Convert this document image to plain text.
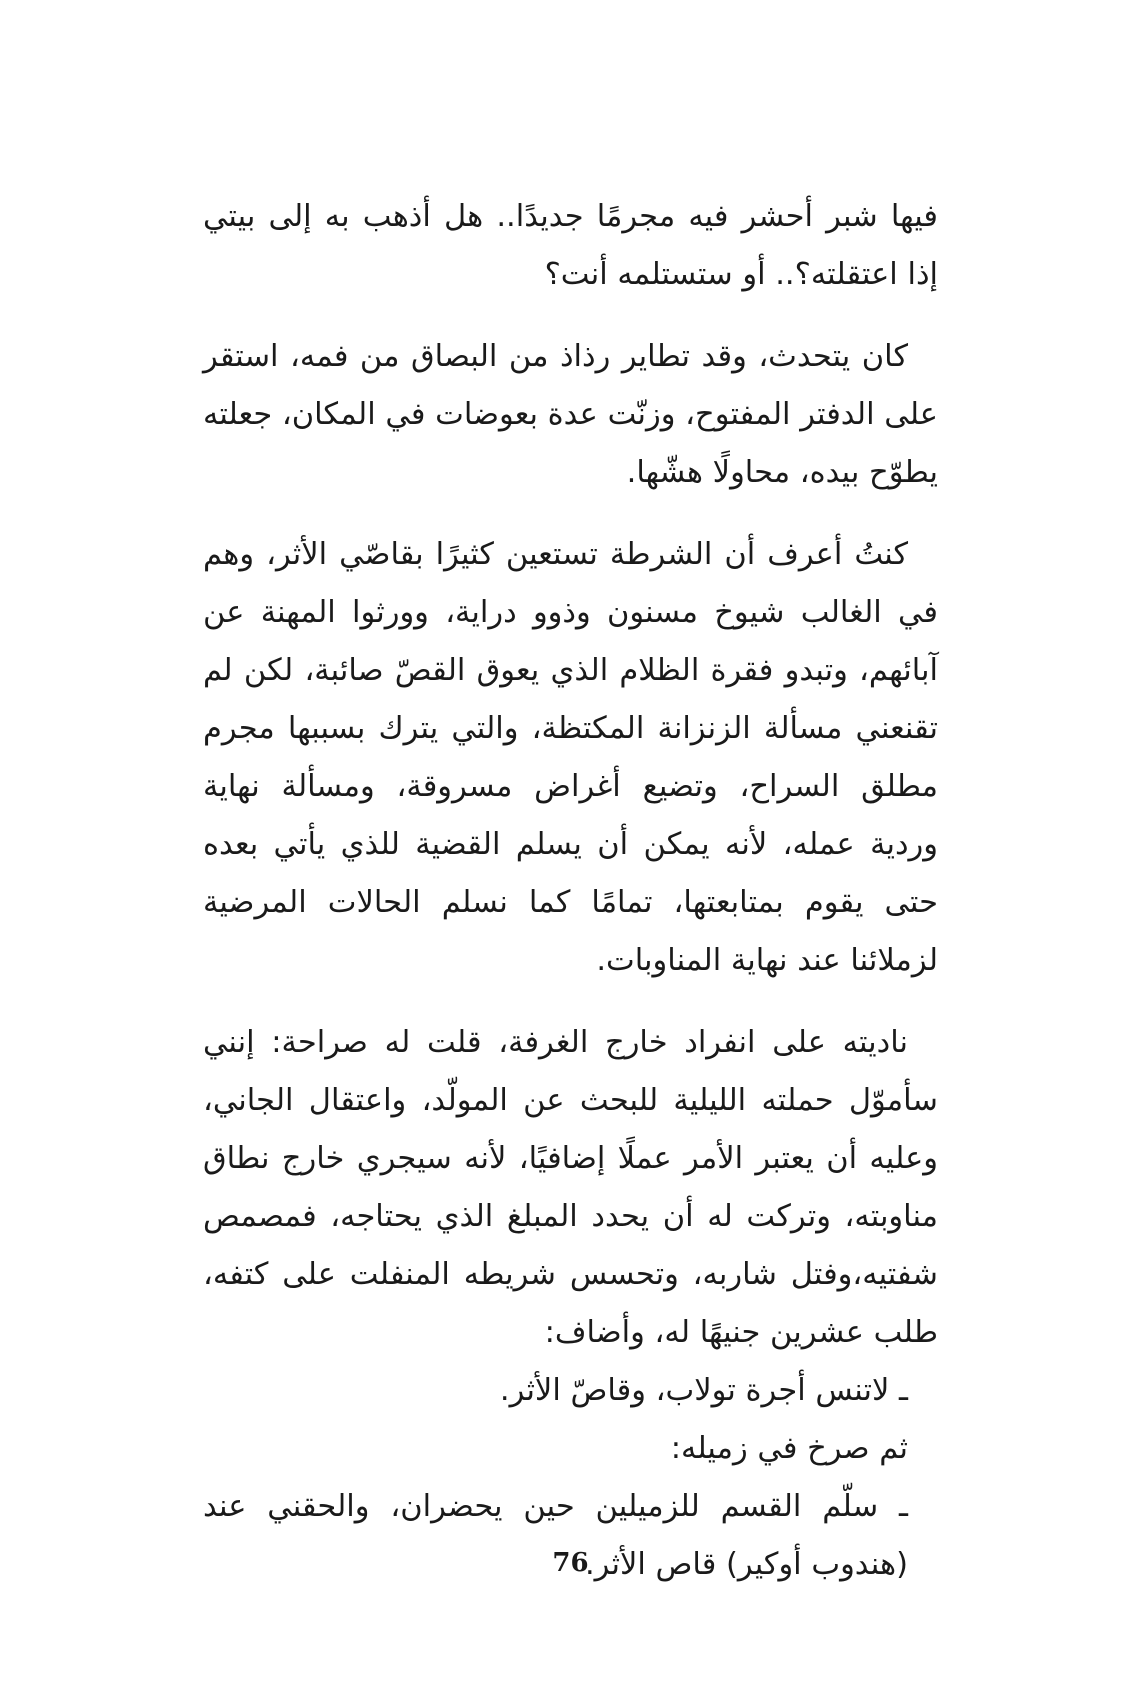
فيها شبر أحشر فيه مجرمًا جديدًا.. هل أذهب به إلى بيتي إذا اعتقلته؟.. أو ستستلمه أنت؟

كان يتحدث، وقد تطاير رذاذ من البصاق من فمه، استقر على الدفتر المفتوح، وزنّت عدة بعوضات في المكان، جعلته يطوّح بيده، محاولًا هشّها.

كنتُ أعرف أن الشرطة تستعين كثيرًا بقاصّي الأثر، وهم في الغالب شيوخ مسنون وذوو دراية، وورثوا المهنة عن آبائهم، وتبدو فقرة الظلام الذي يعوق القصّ صائبة، لكن لم تقنعني مسألة الزنزانة المكتظة، والتي يترك بسببها مجرم مطلق السراح، وتضيع أغراض مسروقة، ومسألة نهاية وردية عمله، لأنه يمكن أن يسلم القضية للذي يأتي بعده حتى يقوم بمتابعتها، تمامًا كما نسلم الحالات المرضية لزملائنا عند نهاية المناوبات.

ناديته على انفراد خارج الغرفة، قلت له صراحة: إنني سأموّل حملته الليلية للبحث عن المولّد، واعتقال الجاني، وعليه أن يعتبر الأمر عملًا إضافيًا، لأنه سيجري خارج نطاق مناوبته، وتركت له أن يحدد المبلغ الذي يحتاجه، فمصمص شفتيه،وفتل شاربه، وتحسس شريطه المنفلت على كتفه، طلب عشرين جنيهًا له، وأضاف:

ـ لاتنس أجرة تولاب، وقاصّ الأثر.

ثم صرخ في زميله:

ـ سلّم القسم للزميلين حين يحضران، والحقني عند (هندوب أوكير) قاص الأثر.

76
